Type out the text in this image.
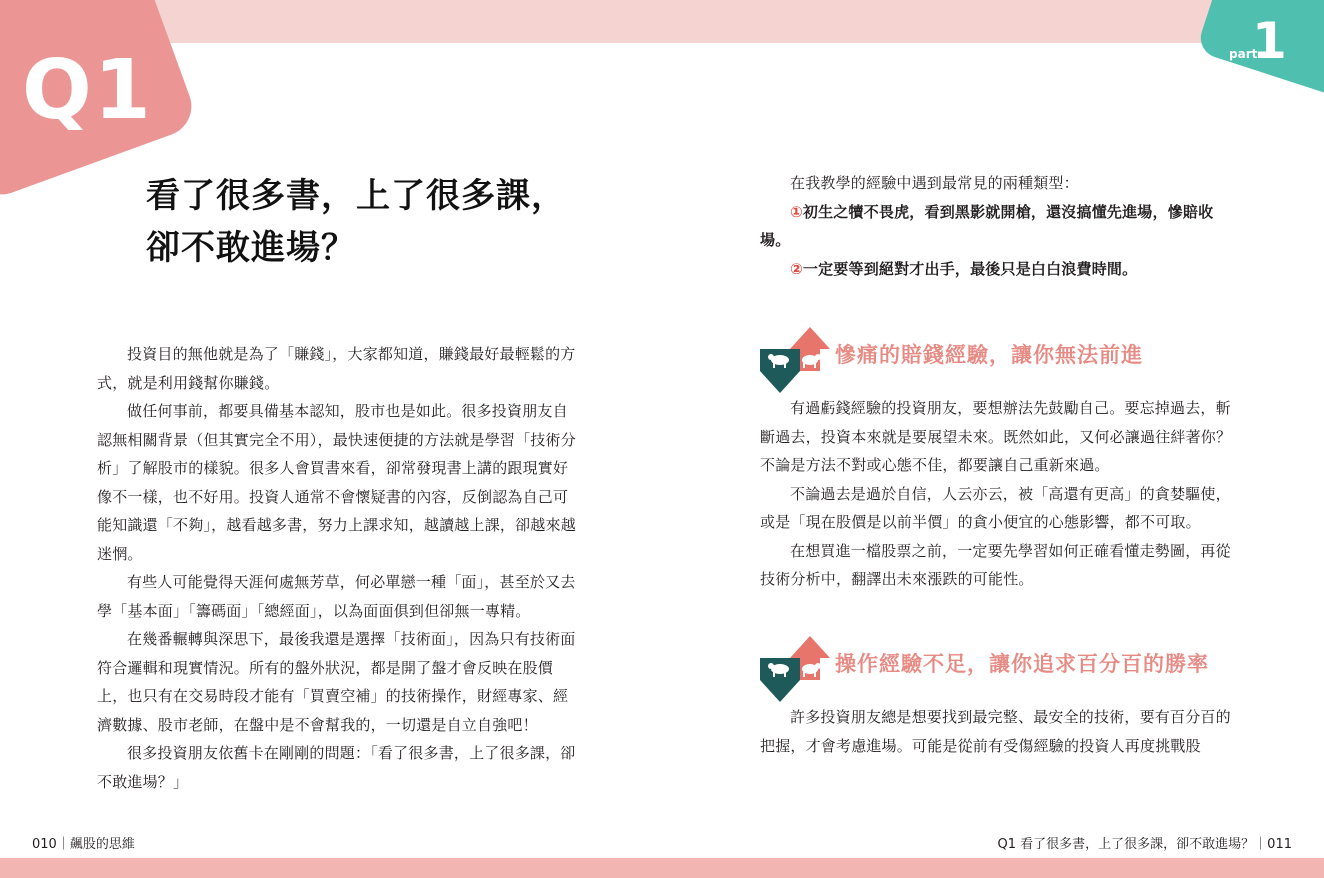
Q1	part
1
看了很多書，上了很多課，
卻不敢進場？

投資目的無他就是為了「賺錢」，大家都知道，賺錢最好最輕鬆的方式，就是利用錢幫你賺錢。

做任何事前，都要具備基本認知，股市也是如此。很多投資朋友自認無相關背景（但其實完全不用），最快速便捷的方法就是學習「技術分析」了解股市的樣貌。很多人會買書來看，卻常發現書上講的跟現實好像不一樣，也不好用。投資人通常不會懷疑書的內容，反倒認為自己可能知識還「不夠」，越看越多書，努力上課求知，越讀越上課，卻越來越迷惘。

有些人可能覺得天涯何處無芳草，何必單戀一種「面」，甚至於又去學「基本面」「籌碼面」「總經面」，以為面面俱到但卻無一專精。

在幾番輾轉與深思下，最後我還是選擇「技術面」，因為只有技術面符合邏輯和現實情況。所有的盤外狀況，都是開了盤才會反映在股價上，也只有在交易時段才能有「買賣空補」的技術操作，財經專家、經濟數據、股市老師，在盤中是不會幫我的，一切還是自立自強吧！

很多投資朋友依舊卡在剛剛的問題：「看了很多書，上了很多課，卻不敢進場？」

在我教學的經驗中遇到最常見的兩種類型：

①初生之犢不畏虎，看到黑影就開槍，還沒搞懂先進場，慘賠收場。

②一定要等到絕對才出手，最後只是白白浪費時間。

慘痛的賠錢經驗，讓你無法前進

有過虧錢經驗的投資朋友，要想辦法先鼓勵自己。要忘掉過去，斬斷過去，投資本來就是要展望未來。既然如此，又何必讓過往絆著你？不論是方法不對或心態不佳，都要讓自己重新來過。

不論過去是過於自信，人云亦云，被「高還有更高」的貪婪驅使，或是「現在股價是以前半價」的貪小便宜的心態影響，都不可取。

在想買進一檔股票之前，一定要先學習如何正確看懂走勢圖，再從技術分析中，翻譯出未來漲跌的可能性。

操作經驗不足，讓你追求百分百的勝率

許多投資朋友總是想要找到最完整、最安全的技術，要有百分百的把握，才會考慮進場。可能是從前有受傷經驗的投資人再度挑戰股

010｜飆股的思維	Q1 看了很多書，上了很多課，卻不敢進場？｜011
